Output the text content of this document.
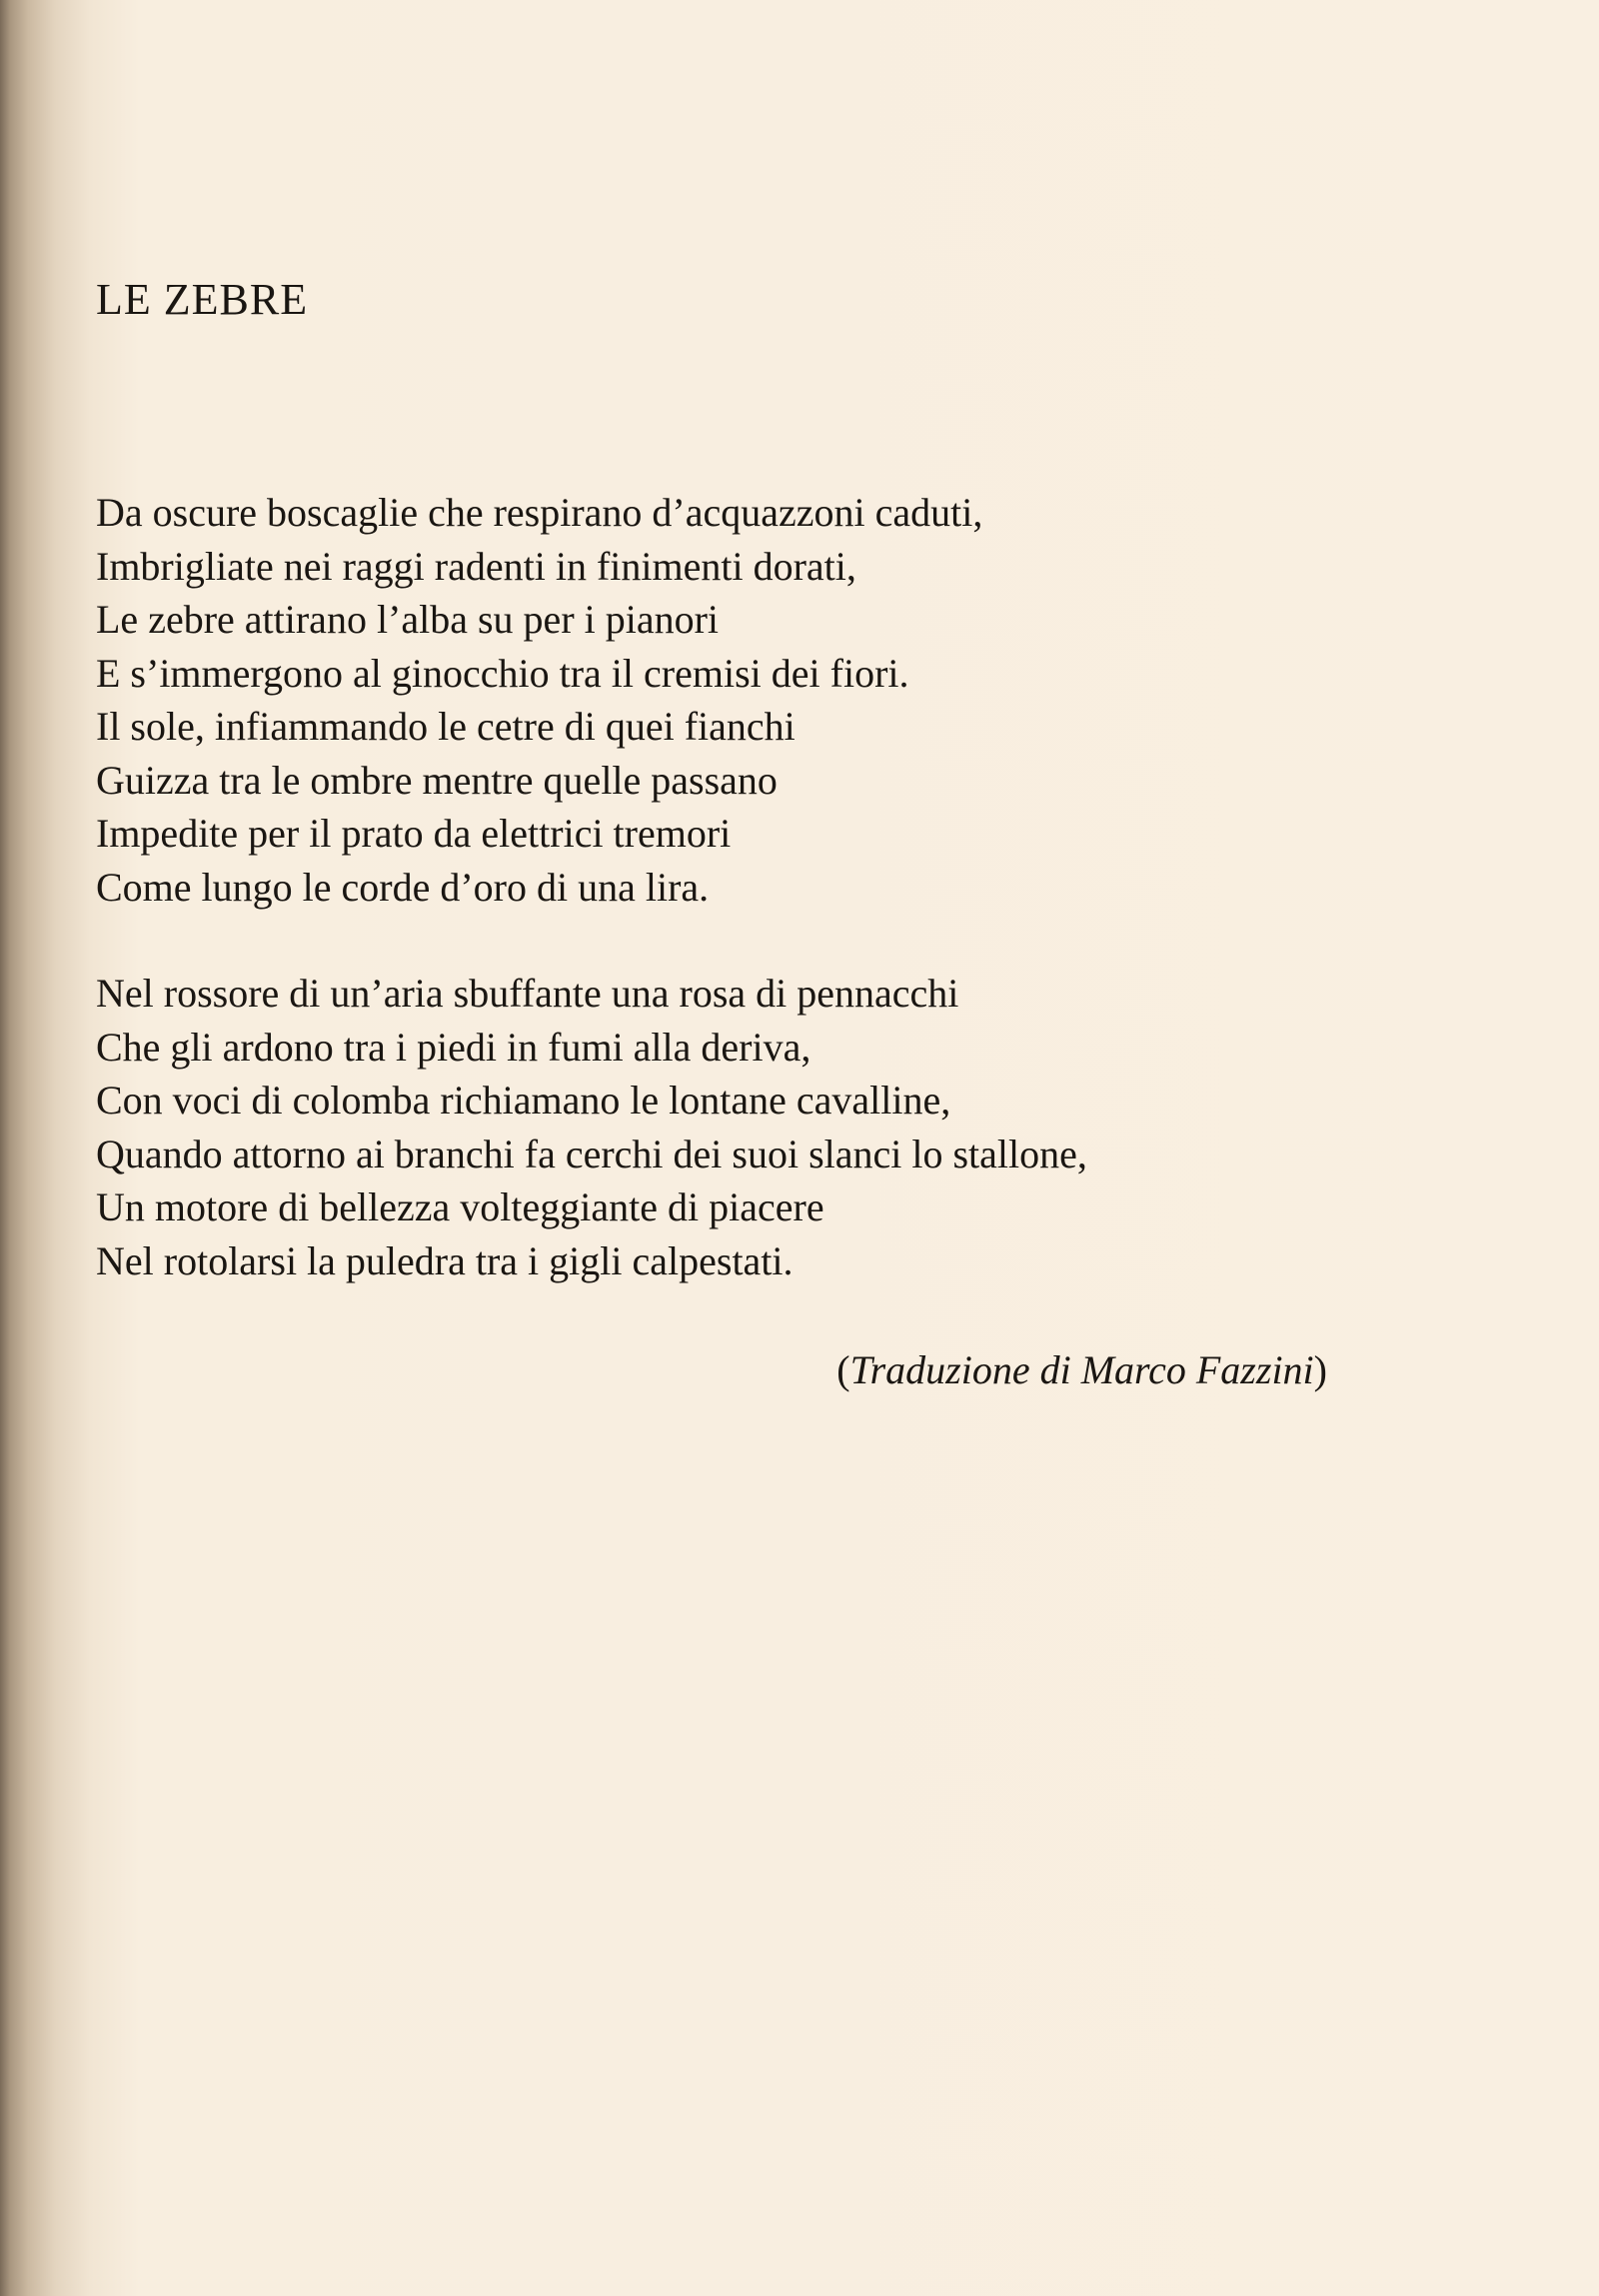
LE ZEBRE
Da oscure boscaglie che respirano d’acquazzoni caduti,
Imbrigliate nei raggi radenti in finimenti dorati,
Le zebre attirano l’alba su per i pianori
E s’immergono al ginocchio tra il cremisi dei fiori.
Il sole, infiammando le cetre di quei fianchi
Guizza tra le ombre mentre quelle passano
Impedite per il prato da elettrici tremori
Come lungo le corde d’oro di una lira.
Nel rossore di un’aria sbuffante una rosa di pennacchi
Che gli ardono tra i piedi in fumi alla deriva,
Con voci di colomba richiamano le lontane cavalline,
Quando attorno ai branchi fa cerchi dei suoi slanci lo stallone,
Un motore di bellezza volteggiante di piacere
Nel rotolarsi la puledra tra i gigli calpestati.
(Traduzione di Marco Fazzini)
